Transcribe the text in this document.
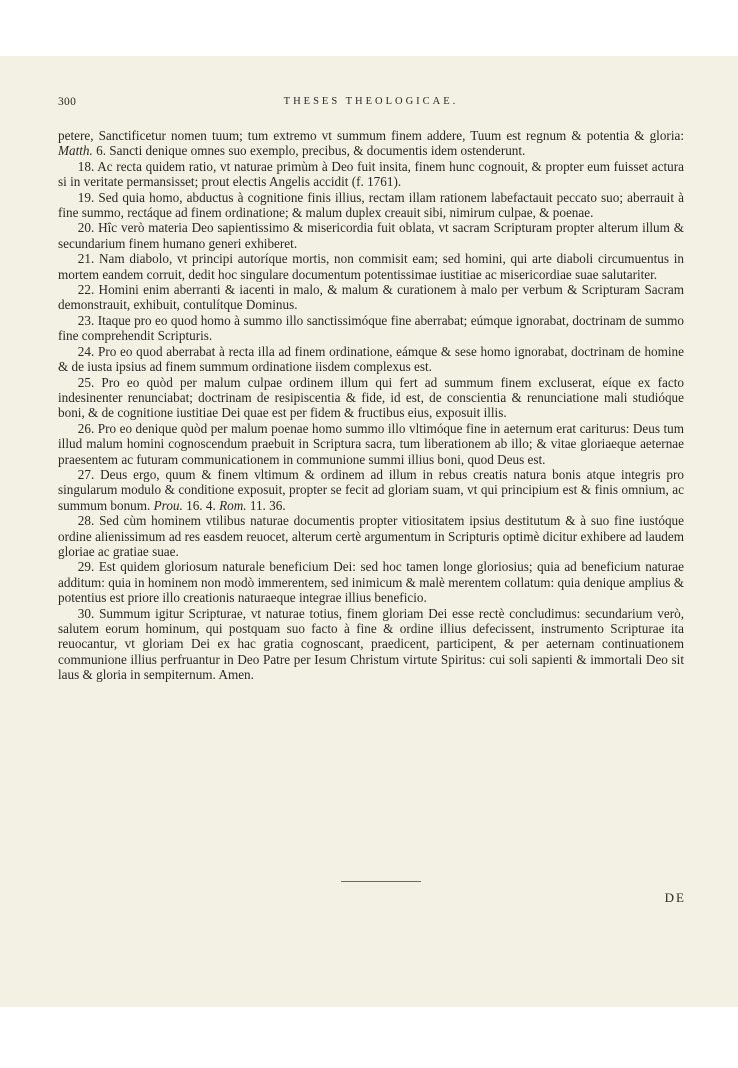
300	THESES THEOLOGICAE.

petere, Sanctificetur nomen tuum; tum extremo vt summum finem addere, Tuum est regnum & potentia & gloria: Matth. 6. Sancti denique omnes suo exemplo, precibus, & documentis idem ostenderunt.

18. Ac recta quidem ratio, vt naturae primùm à Deo fuit insita, finem hunc cognouit, & propter eum fuisset actura si in veritate permansisset; prout electis Angelis accidit (f. 1761).

19. Sed quia homo, abductus à cognitione finis illius, rectam illam rationem labefactauit peccato suo; aberrauit à fine summo, rectáque ad finem ordinatione; & malum duplex creauit sibi, nimirum culpae, & poenae.

20. Hîc verò materia Deo sapientissimo & misericordia fuit oblata, vt sacram Scripturam propter alterum illum & secundarium finem humano generi exhiberet.

21. Nam diabolo, vt principi autoríque mortis, non commisit eam; sed homini, qui arte diaboli circumuentus in mortem eandem corruit, dedit hoc singulare documentum potentissimae iustitiae ac misericordiae suae salutariter.

22. Homini enim aberranti & iacenti in malo, & malum & curationem à malo per verbum & Scripturam Sacram demonstrauit, exhibuit, contulítque Dominus.

23. Itaque pro eo quod homo à summo illo sanctissimóque fine aberrabat; eúmque ignorabat, doctrinam de summo fine comprehendit Scripturis.

24. Pro eo quod aberrabat à recta illa ad finem ordinatione, eámque & sese homo ignorabat, doctrinam de homine & de iusta ipsius ad finem summum ordinatione iisdem complexus est.

25. Pro eo quòd per malum culpae ordinem illum qui fert ad summum finem excluserat, eíque ex facto indesinenter renunciabat; doctrinam de resipiscentia & fide, id est, de conscientia & renunciatione mali studióque boni, & de cognitione iustitiae Dei quae est per fidem & fructibus eius, exposuit illis.

26. Pro eo denique quòd per malum poenae homo summo illo vltimóque fine in aeternum erat cariturus: Deus tum illud malum homini cognoscendum praebuit in Scriptura sacra, tum liberationem ab illo; & vitae gloriaeque aeternae praesentem ac futuram communicationem in communione summi illius boni, quod Deus est.

27. Deus ergo, quum & finem vltimum & ordinem ad illum in rebus creatis natura bonis atque integris pro singularum modulo & conditione exposuit, propter se fecit ad gloriam suam, vt qui principium est & finis omnium, ac summum bonum. Prou. 16. 4. Rom. 11. 36.

28. Sed cùm hominem vtilibus naturae documentis propter vitiositatem ipsius destitutum & à suo fine iustóque ordine alienissimum ad res easdem reuocet, alterum certè argumentum in Scripturis optimè dicitur exhibere ad laudem gloriae ac gratiae suae.

29. Est quidem gloriosum naturale beneficium Dei: sed hoc tamen longe gloriosius; quia ad beneficium naturae additum: quia in hominem non modò immerentem, sed inimicum & malè merentem collatum: quia denique amplius & potentius est priore illo creationis naturaeque integrae illius beneficio.

30. Summum igitur Scripturae, vt naturae totius, finem gloriam Dei esse rectè concludimus: secundarium verò, salutem eorum hominum, qui postquam suo facto à fine & ordine illius defecissent, instrumento Scripturae ita reuocantur, vt gloriam Dei ex hac gratia cognoscant, praedicent, participent, & per aeternam continuationem communione illius perfruantur in Deo Patre per Iesum Christum virtute Spiritus: cui soli sapienti & immortali Deo sit laus & gloria in sempiternum. Amen.

DE
